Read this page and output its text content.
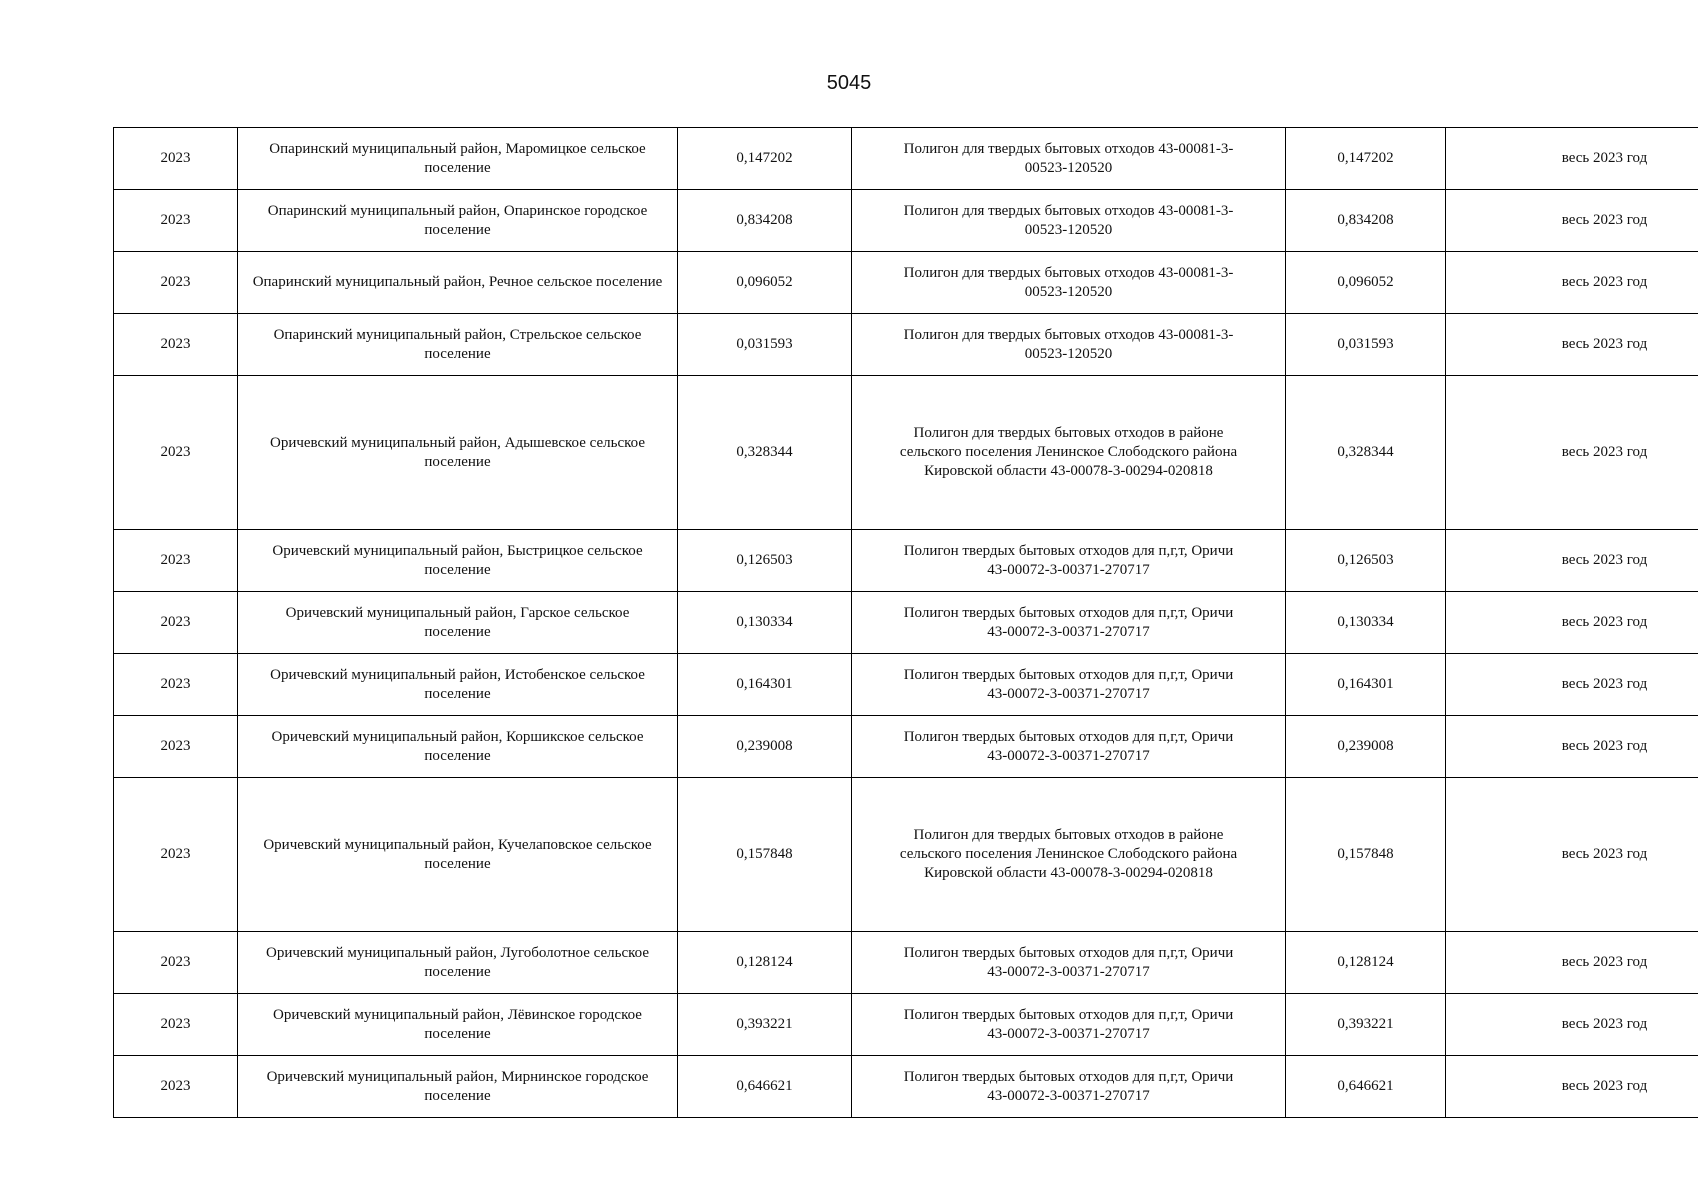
5045
2023	Опаринский муниципальный район, Маромицкое сельское поселение	0,147202	Полигон для твердых бытовых отходов 43-00081-3-
00523-120520	0,147202	весь 2023 год
2023	Опаринский муниципальный район, Опаринское городское поселение	0,834208	Полигон для твердых бытовых отходов 43-00081-3-
00523-120520	0,834208	весь 2023 год
2023	Опаринский муниципальный район, Речное сельское поселение	0,096052	Полигон для твердых бытовых отходов 43-00081-3-
00523-120520	0,096052	весь 2023 год
2023	Опаринский муниципальный район, Стрельское сельское поселение	0,031593	Полигон для твердых бытовых отходов 43-00081-3-
00523-120520	0,031593	весь 2023 год
2023	Оричевский муниципальный район, Адышевское сельское поселение	0,328344	Полигон для твердых бытовых отходов в районе
сельского поселения Ленинское Слободского района
Кировской области 43-00078-3-00294-020818	0,328344	весь 2023 год
2023	Оричевский муниципальный район, Быстрицкое сельское поселение	0,126503	Полигон твердых бытовых отходов для п,г,т, Оричи
43-00072-3-00371-270717	0,126503	весь 2023 год
2023	Оричевский муниципальный район, Гарское сельское поселение	0,130334	Полигон твердых бытовых отходов для п,г,т, Оричи
43-00072-3-00371-270717	0,130334	весь 2023 год
2023	Оричевский муниципальный район, Истобенское сельское поселение	0,164301	Полигон твердых бытовых отходов для п,г,т, Оричи
43-00072-3-00371-270717	0,164301	весь 2023 год
2023	Оричевский муниципальный район, Коршикское сельское поселение	0,239008	Полигон твердых бытовых отходов для п,г,т, Оричи
43-00072-3-00371-270717	0,239008	весь 2023 год
2023	Оричевский муниципальный район, Кучелаповское сельское поселение	0,157848	Полигон для твердых бытовых отходов в районе
сельского поселения Ленинское Слободского района
Кировской области 43-00078-3-00294-020818	0,157848	весь 2023 год
2023	Оричевский муниципальный район, Лугоболотное сельское поселение	0,128124	Полигон твердых бытовых отходов для п,г,т, Оричи
43-00072-3-00371-270717	0,128124	весь 2023 год
2023	Оричевский муниципальный район, Лёвинское городское поселение	0,393221	Полигон твердых бытовых отходов для п,г,т, Оричи
43-00072-3-00371-270717	0,393221	весь 2023 год
2023	Оричевский муниципальный район, Мирнинское городское поселение	0,646621	Полигон твердых бытовых отходов для п,г,т, Оричи
43-00072-3-00371-270717	0,646621	весь 2023 год
